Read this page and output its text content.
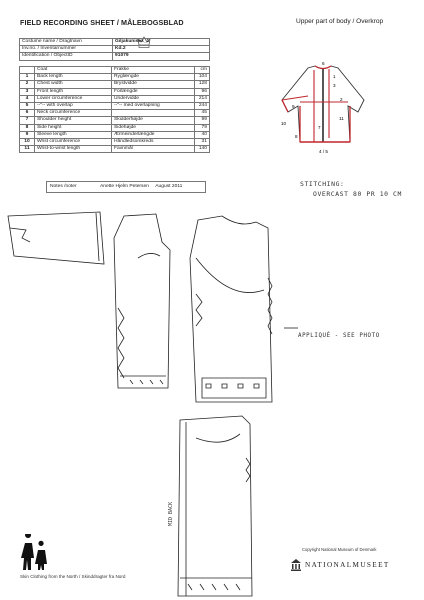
FIELD RECORDING SHEET / MÅLEBOGSBLAD	Upper part of body / Overkrop
Costume name / Dragtnavn	Giljakunisex_1
Inv.no. / Inventarnummer	Kd.2
Identification / ObjectID	91079
	Coat	Frakke	cm
1	Back length	Ryglængde	104
2	Chest width	Brystvidde	128
3	Front length	Forlængde	96
4	Lower circumference	Undervidde	214
5	--"-- with overlap	--"-- med overlapning	244
6	Neck circumference		45
7	Shoulder height	Skulderhøjde	99
8	Side height	Sidehøjde	79
9	Sleeve length	Ærmeinderlængde	40
10	Wrist circumference	Håndledsomkreds	31
11	Wrist-to-wrist length	Favnmål	140
Notes /noter	Anette Hjelm Petersen August 2011
6
1
3
2
9
10
11
7
8
4 / 5
STITCHING:
OVERCAST 80 PR 10 CM
APPLIQUÉ - SEE PHOTO
MID BACK
Skin Clothing from the North / Skinddragter fra Nord
Copyright National Museum of Denmark
NATIONALMUSEET
